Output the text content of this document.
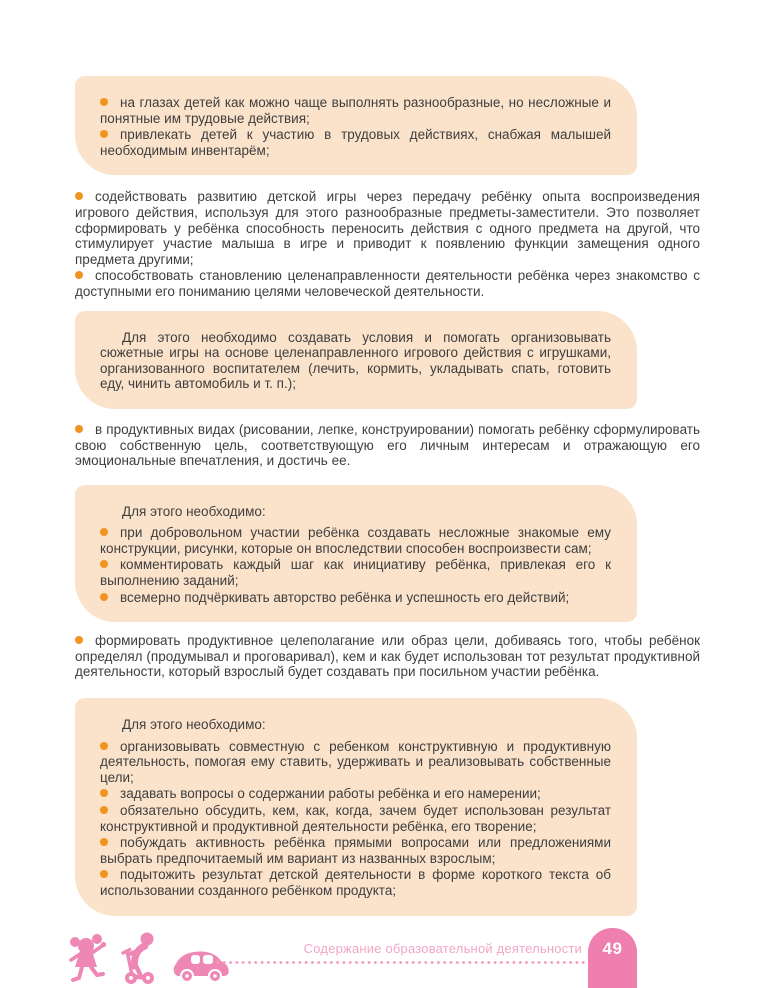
на глазах детей как можно чаще выполнять разнообразные, но несложные и понятные им трудовые действия;

привлекать детей к участию в трудовых действиях, снабжая малышей необходимым инвентарём;

содействовать развитию детской игры через передачу ребёнку опыта воспроизведения игрового действия, используя для этого разнообразные предметы-заместители. Это позволяет сформировать у ребёнка способность переносить действия с одного предмета на другой, что стимулирует участие малыша в игре и приводит к появлению функции замещения одного предмета другими;

способствовать становлению целенаправленности деятельности ребёнка через знакомство с доступными его пониманию целями человеческой деятельности.

Для этого необходимо создавать условия и помогать организовывать сюжетные игры на основе целенаправленного игрового действия с игрушками, организованного воспитателем (лечить, кормить, укладывать спать, готовить еду, чинить автомобиль и т. п.);

в продуктивных видах (рисовании, лепке, конструировании) помогать ребёнку сформулировать свою собственную цель, соответствующую его личным интересам и отражающую его эмоциональные впечатления, и достичь ее.

Для этого необходимо:

при добровольном участии ребёнка создавать несложные знакомые ему конструкции, рисунки, которые он впоследствии способен воспроизвести сам;

комментировать каждый шаг как инициативу ребёнка, привлекая его к выполнению заданий;

всемерно подчёркивать авторство ребёнка и успешность его действий;

формировать продуктивное целеполагание или образ цели, добиваясь того, чтобы ребёнок определял (продумывал и проговаривал), кем и как будет использован тот результат продуктивной деятельности, который взрослый будет создавать при посильном участии ребёнка.

Для этого необходимо:

организовывать совместную с ребенком конструктивную и продуктивную деятельность, помогая ему ставить, удерживать и реализовывать собственные цели;

задавать вопросы о содержании работы ребёнка и его намерении;

обязательно обсудить, кем, как, когда, зачем будет использован результат конструктивной и продуктивной деятельности ребёнка, его творение;

побуждать активность ребёнка прямыми вопросами или предложениями выбрать предпочитаемый им вариант из названных взрослым;

подытожить результат детской деятельности в форме короткого текста об использовании созданного ребёнком продукта;

Содержание образовательной деятельности	49
